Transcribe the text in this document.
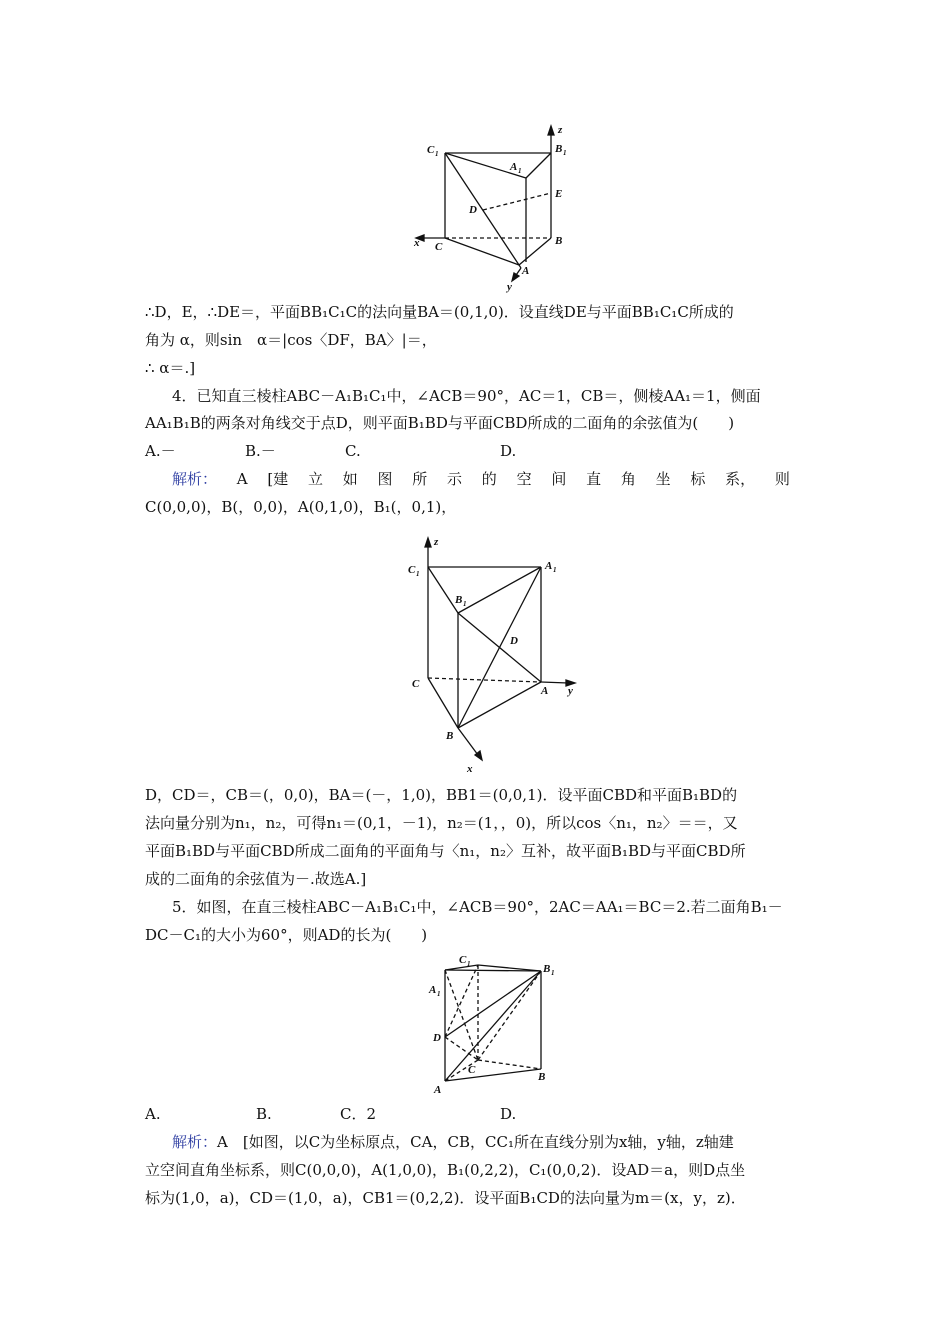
C 1
A 1
B 1
z
E
D
x C	B
A
y
∴D，E，∴DE＝，平面BB₁C₁C的法向量BA＝(0,1,0)．设直线DE与平面BB₁C₁C所成的
角为 α，则sin　α＝|cos〈DF，BA〉|＝，
∴ α＝.]
4．已知直三棱柱ABC－A₁B₁C₁中，∠ACB＝90°，AC＝1，CB＝，侧棱AA₁＝1，侧面
AA₁B₁B的两条对角线交于点D，则平面B₁BD与平面CBD所成的二面角的余弦值为(　　)
A.－	B.－	C.	D.
解析： A [建 立 如 图 所 示 的 空 间 直 角 坐 标 系， 则
C(0,0,0)，B(，0,0)，A(0,1,0)，B₁(，0,1)，
z
C 1
A 1
B 1
D
C
A y
B
x
D，CD＝，CB＝(，0,0)，BA＝(－，1,0)，BB1＝(0,0,1)．设平面CBD和平面B₁BD的
法向量分别为n₁，n₂，可得n₁＝(0,1，－1)，n₂＝(1，，0)，所以cos〈n₁，n₂〉＝＝，又
平面B₁BD与平面CBD所成二面角的平面角与〈n₁，n₂〉互补，故平面B₁BD与平面CBD所
成的二面角的余弦值为－.故选A.]
5．如图，在直三棱柱ABC－A₁B₁C₁中，∠ACB＝90°，2AC＝AA₁＝BC＝2.若二面角B₁－
DC－C₁的大小为60°，则AD的长为(　　)
C 1	B 1
A 1
D
C
B
A
A.	B.	C．2	D.
解析：A　[如图，以C为坐标原点，CA，CB，CC₁所在直线分别为x轴，y轴，z轴建
立空间直角坐标系，则C(0,0,0)，A(1,0,0)，B₁(0,2,2)，C₁(0,0,2)．设AD＝a，则D点坐
标为(1,0，a)，CD＝(1,0，a)，CB1＝(0,2,2)．设平面B₁CD的法向量为m＝(x，y，z)．
